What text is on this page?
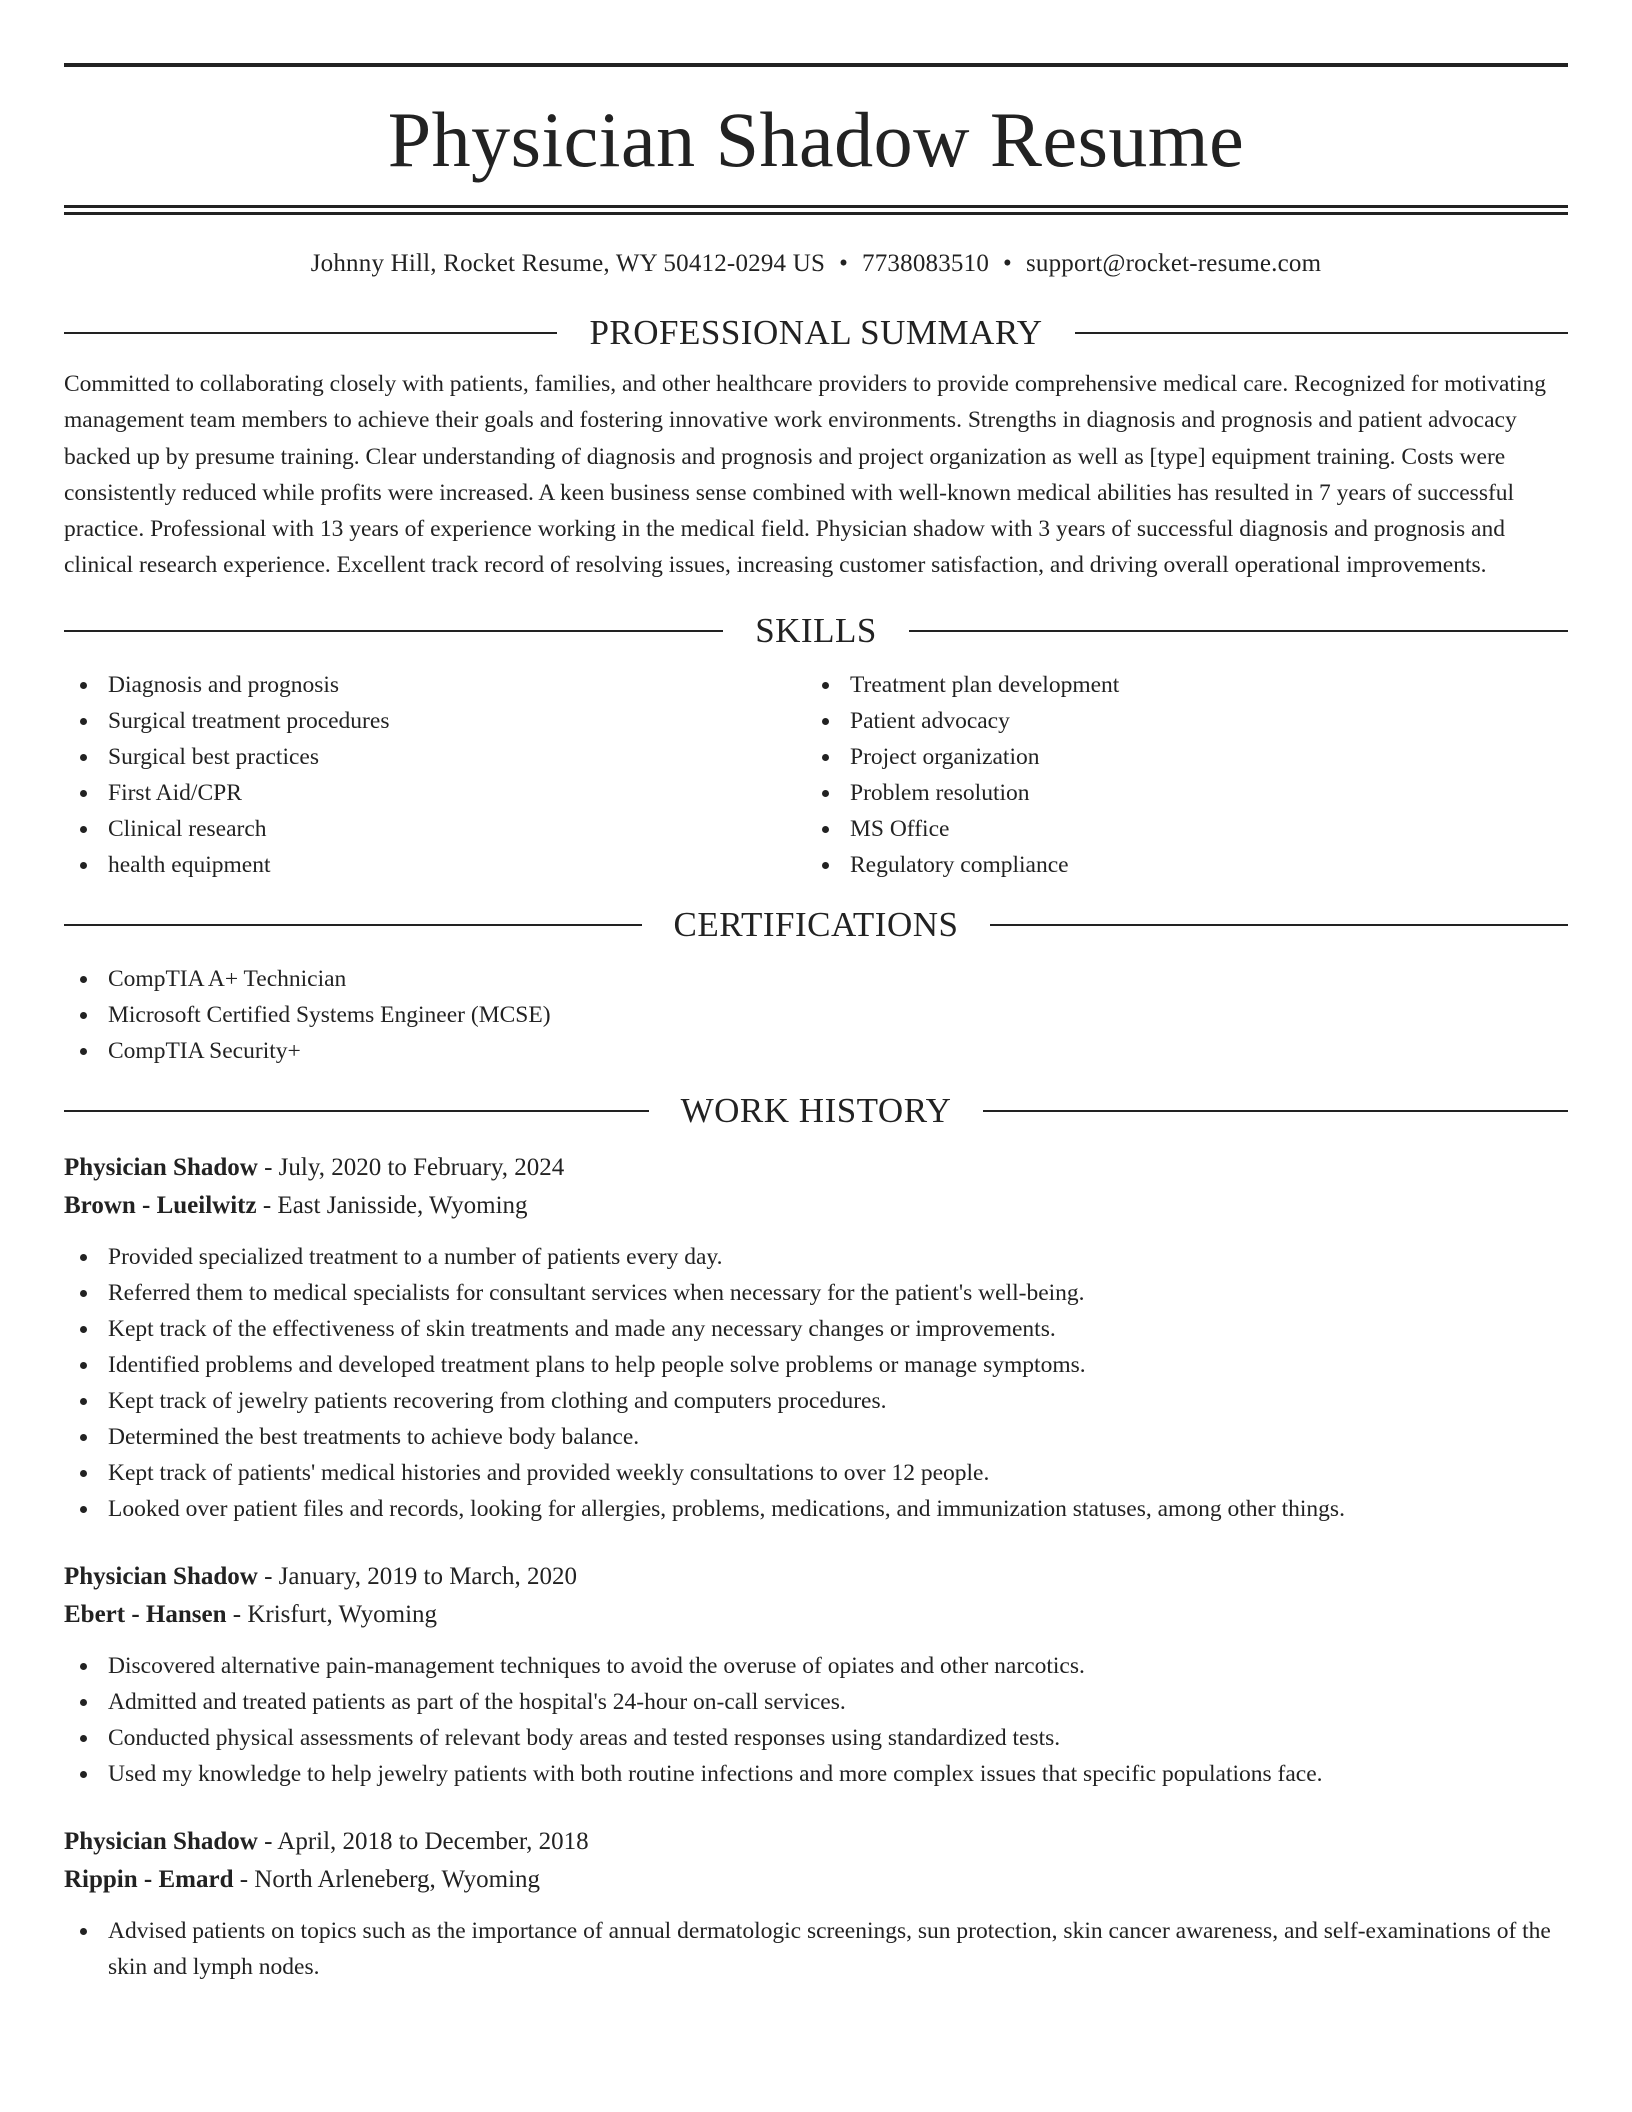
Physician Shadow Resume
Johnny Hill, Rocket Resume, WY 50412-0294 US • 7738083510 • support@rocket-resume.com
PROFESSIONAL SUMMARY

Committed to collaborating closely with patients, families, and other healthcare providers to provide comprehensive medical care. Recognized for motivating management team members to achieve their goals and fostering innovative work environments. Strengths in diagnosis and prognosis and patient advocacy backed up by presume training. Clear understanding of diagnosis and prognosis and project organization as well as [type] equipment training. Costs were consistently reduced while profits were increased. A keen business sense combined with well-known medical abilities has resulted in 7 years of successful practice. Professional with 13 years of experience working in the medical field. Physician shadow with 3 years of successful diagnosis and prognosis and clinical research experience. Excellent track record of resolving issues, increasing customer satisfaction, and driving overall operational improvements.

SKILLS
Diagnosis and prognosis
Surgical treatment procedures
Surgical best practices
First Aid/CPR
Clinical research
health equipment
Treatment plan development
Patient advocacy
Project organization
Problem resolution
MS Office
Regulatory compliance
CERTIFICATIONS
CompTIA A+ Technician
Microsoft Certified Systems Engineer (MCSE)
CompTIA Security+
WORK HISTORY
Physician Shadow - July, 2020 to February, 2024
Brown - Lueilwitz - East Janisside, Wyoming
Provided specialized treatment to a number of patients every day.
Referred them to medical specialists for consultant services when necessary for the patient's well-being.
Kept track of the effectiveness of skin treatments and made any necessary changes or improvements.
Identified problems and developed treatment plans to help people solve problems or manage symptoms.
Kept track of jewelry patients recovering from clothing and computers procedures.
Determined the best treatments to achieve body balance.
Kept track of patients' medical histories and provided weekly consultations to over 12 people.
Looked over patient files and records, looking for allergies, problems, medications, and immunization statuses, among other things.
Physician Shadow - January, 2019 to March, 2020
Ebert - Hansen - Krisfurt, Wyoming
Discovered alternative pain-management techniques to avoid the overuse of opiates and other narcotics.
Admitted and treated patients as part of the hospital's 24-hour on-call services.
Conducted physical assessments of relevant body areas and tested responses using standardized tests.
Used my knowledge to help jewelry patients with both routine infections and more complex issues that specific populations face.
Physician Shadow - April, 2018 to December, 2018
Rippin - Emard - North Arleneberg, Wyoming
Advised patients on topics such as the importance of annual dermatologic screenings, sun protection, skin cancer awareness, and self-examinations of the skin and lymph nodes.
